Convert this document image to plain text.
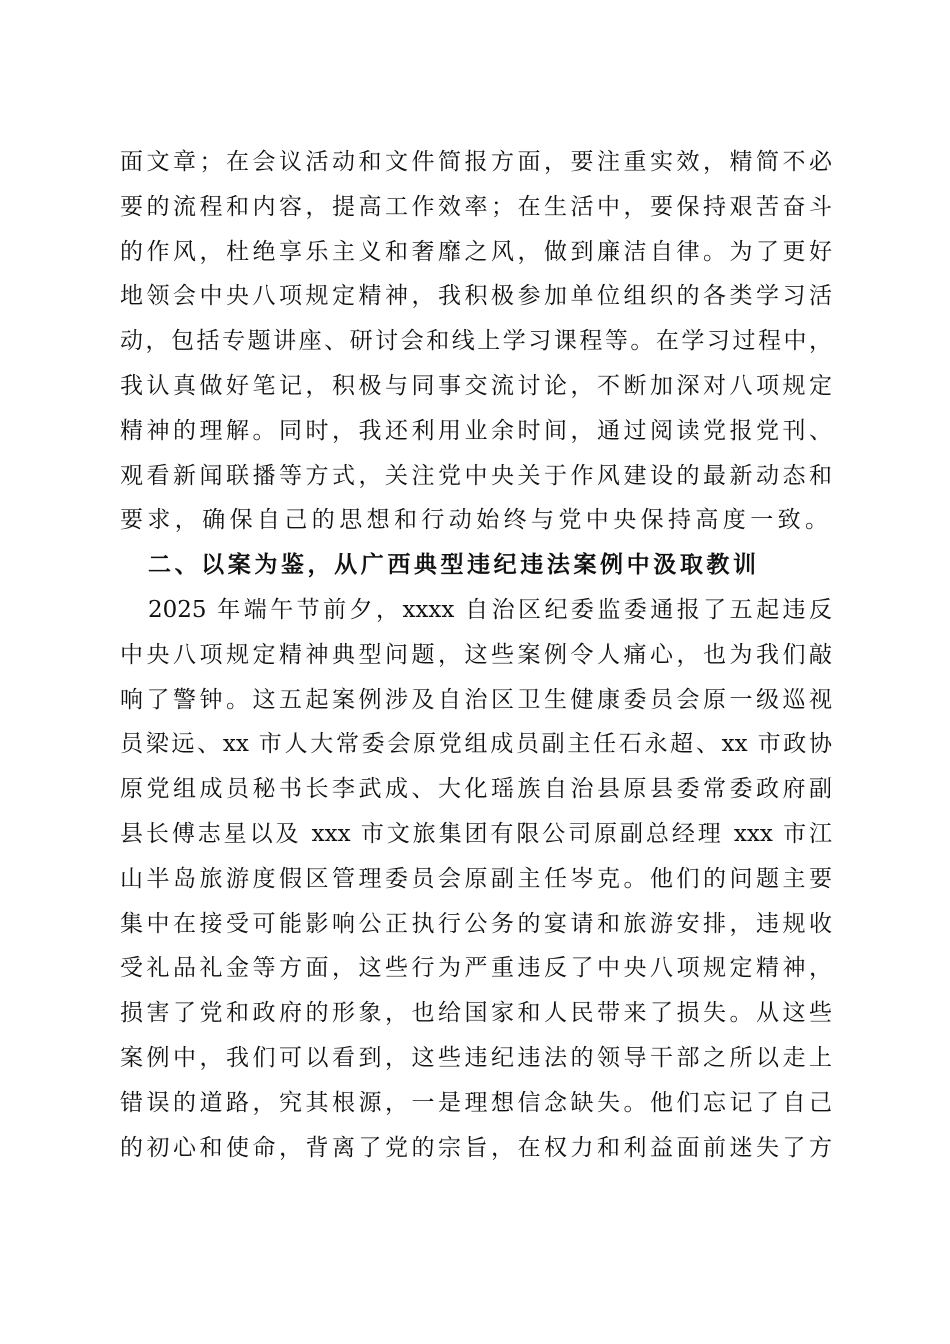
面文章；在会议活动和文件简报方面，要注重实效，精简不必
要的流程和内容，提高工作效率；在生活中，要保持艰苦奋斗
的作风，杜绝享乐主义和奢靡之风，做到廉洁自律。为了更好
地领会中央八项规定精神，我积极参加单位组织的各类学习活
动，包括专题讲座、研讨会和线上学习课程等。在学习过程中，
我认真做好笔记，积极与同事交流讨论，不断加深对八项规定
精神的理解。同时，我还利用业余时间，通过阅读党报党刊、
观看新闻联播等方式，关注党中央关于作风建设的最新动态和
要求，确保自己的思想和行动始终与党中央保持高度一致。
二、以案为鉴，从广西典型违纪违法案例中汲取教训
2025 年端午节前夕，xxxx 自治区纪委监委通报了五起违反
中央八项规定精神典型问题，这些案例令人痛心，也为我们敲
响了警钟。这五起案例涉及自治区卫生健康委员会原一级巡视
员梁远、xx 市人大常委会原党组成员副主任石永超、xx 市政协
原党组成员秘书长李武成、大化瑶族自治县原县委常委政府副
县长傅志星以及 xxx 市文旅集团有限公司原副总经理 xxx 市江
山半岛旅游度假区管理委员会原副主任岑克。他们的问题主要
集中在接受可能影响公正执行公务的宴请和旅游安排，违规收
受礼品礼金等方面，这些行为严重违反了中央八项规定精神，
损害了党和政府的形象，也给国家和人民带来了损失。从这些
案例中，我们可以看到，这些违纪违法的领导干部之所以走上
错误的道路，究其根源，一是理想信念缺失。他们忘记了自己
的初心和使命，背离了党的宗旨，在权力和利益面前迷失了方
